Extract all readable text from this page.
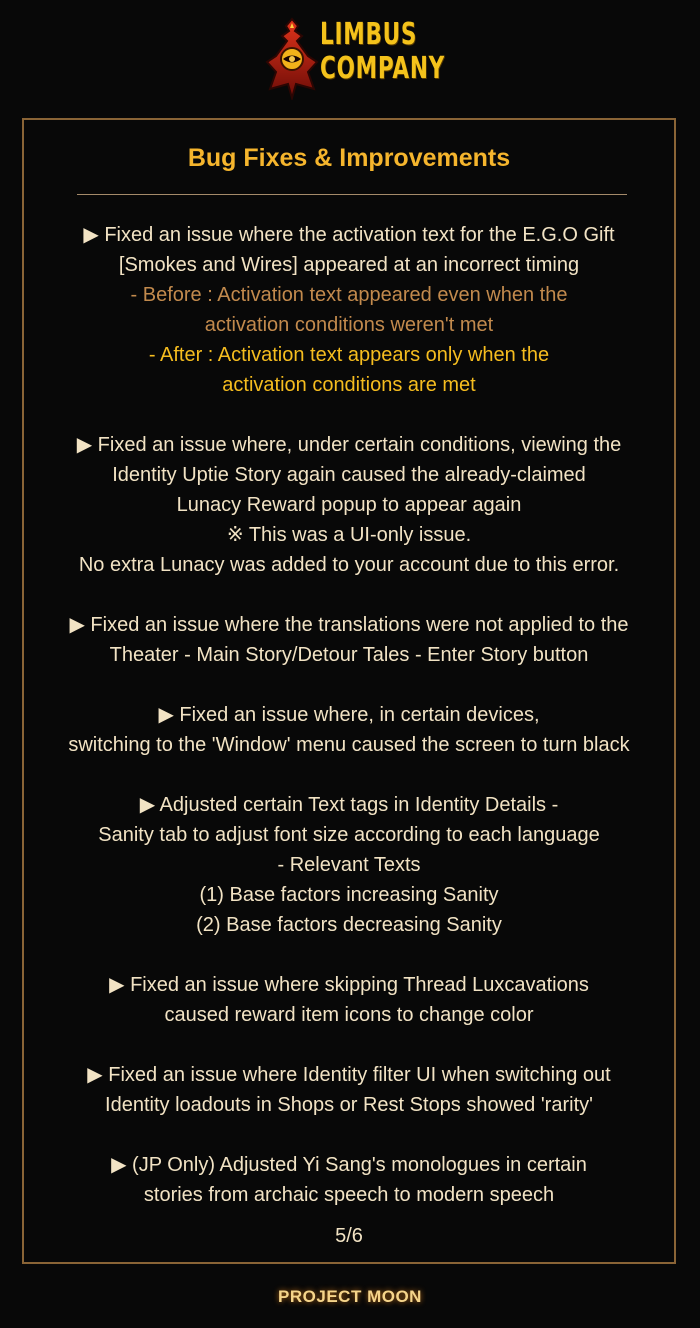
LIMBUS
COMPANY
Bug Fixes & Improvements
▶ Fixed an issue where the activation text for the E.G.O Gift
[Smokes and Wires] appeared at an incorrect timing
- Before : Activation text appeared even when the
activation conditions weren't met
- After : Activation text appears only when the
activation conditions are met
▶ Fixed an issue where, under certain conditions, viewing the
Identity Uptie Story again caused the already-claimed
Lunacy Reward popup to appear again
※ This was a UI-only issue.
No extra Lunacy was added to your account due to this error.
▶ Fixed an issue where the translations were not applied to the
Theater - Main Story/Detour Tales - Enter Story button
▶ Fixed an issue where, in certain devices,
switching to the 'Window' menu caused the screen to turn black
▶ Adjusted certain Text tags in Identity Details -
Sanity tab to adjust font size according to each language
- Relevant Texts
(1) Base factors increasing Sanity
(2) Base factors decreasing Sanity
▶ Fixed an issue where skipping Thread Luxcavations
caused reward item icons to change color
▶ Fixed an issue where Identity filter UI when switching out
Identity loadouts in Shops or Rest Stops showed 'rarity'
▶ (JP Only) Adjusted Yi Sang's monologues in certain
stories from archaic speech to modern speech
5/6
PROJECT MOON
